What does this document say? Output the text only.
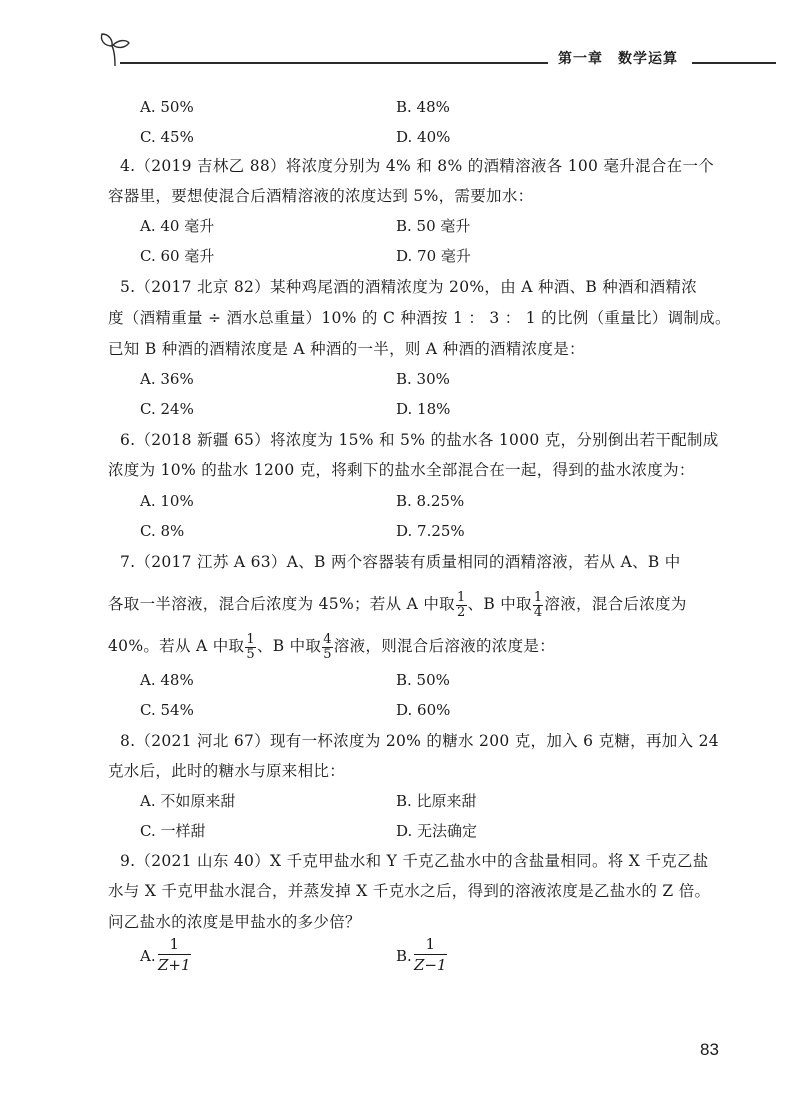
第一章　数学运算
A. 50%	B. 48%
C. 45%	D. 40%
4.（2019 吉林乙 88）将浓度分别为 4% 和 8% 的酒精溶液各 100 毫升混合在一个
容器里，要想使混合后酒精溶液的浓度达到 5%，需要加水：
A. 40 毫升	B. 50 毫升
C. 60 毫升	D. 70 毫升
5.（2017 北京 82）某种鸡尾酒的酒精浓度为 20%，由 A 种酒、B 种酒和酒精浓
度（酒精重量 ÷ 酒水总重量）10% 的 C 种酒按 1 ： 3 ： 1 的比例（重量比）调制成。
已知 B 种酒的酒精浓度是 A 种酒的一半，则 A 种酒的酒精浓度是：
A. 36%	B. 30%
C. 24%	D. 18%
6.（2018 新疆 65）将浓度为 15% 和 5% 的盐水各 1000 克，分别倒出若干配制成
浓度为 10% 的盐水 1200 克，将剩下的盐水全部混合在一起，得到的盐水浓度为：
A. 10%	B. 8.25%
C. 8%	D. 7.25%
7.（2017 江苏 A 63）A、B 两个容器装有质量相同的酒精溶液，若从 A、B 中
各取一半溶液，混合后浓度为 45%；若从 A 中取 $\frac{1}{2}$ 、B 中取 $\frac{1}{4}$ 溶液，混合后浓度为
40%。若从 A 中取 $\frac{1}{5}$ 、B 中取 $\frac{4}{5}$ 溶液，则混合后溶液的浓度是：
A. 48%	B. 50%
C. 54%	D. 60%
8.（2021 河北 67）现有一杯浓度为 20% 的糖水 200 克，加入 6 克糖，再加入 24
克水后，此时的糖水与原来相比：
A. 不如原来甜	B. 比原来甜
C. 一样甜	D. 无法确定
9.（2021 山东 40）X 千克甲盐水和 Y 千克乙盐水中的含盐量相同。将 X 千克乙盐
水与 X 千克甲盐水混合，并蒸发掉 X 千克水之后，得到的溶液浓度是乙盐水的 Z 倍。
问乙盐水的浓度是甲盐水的多少倍？
A. $\frac{1}{Z+1}$	B. $\frac{1}{Z-1}$
83
